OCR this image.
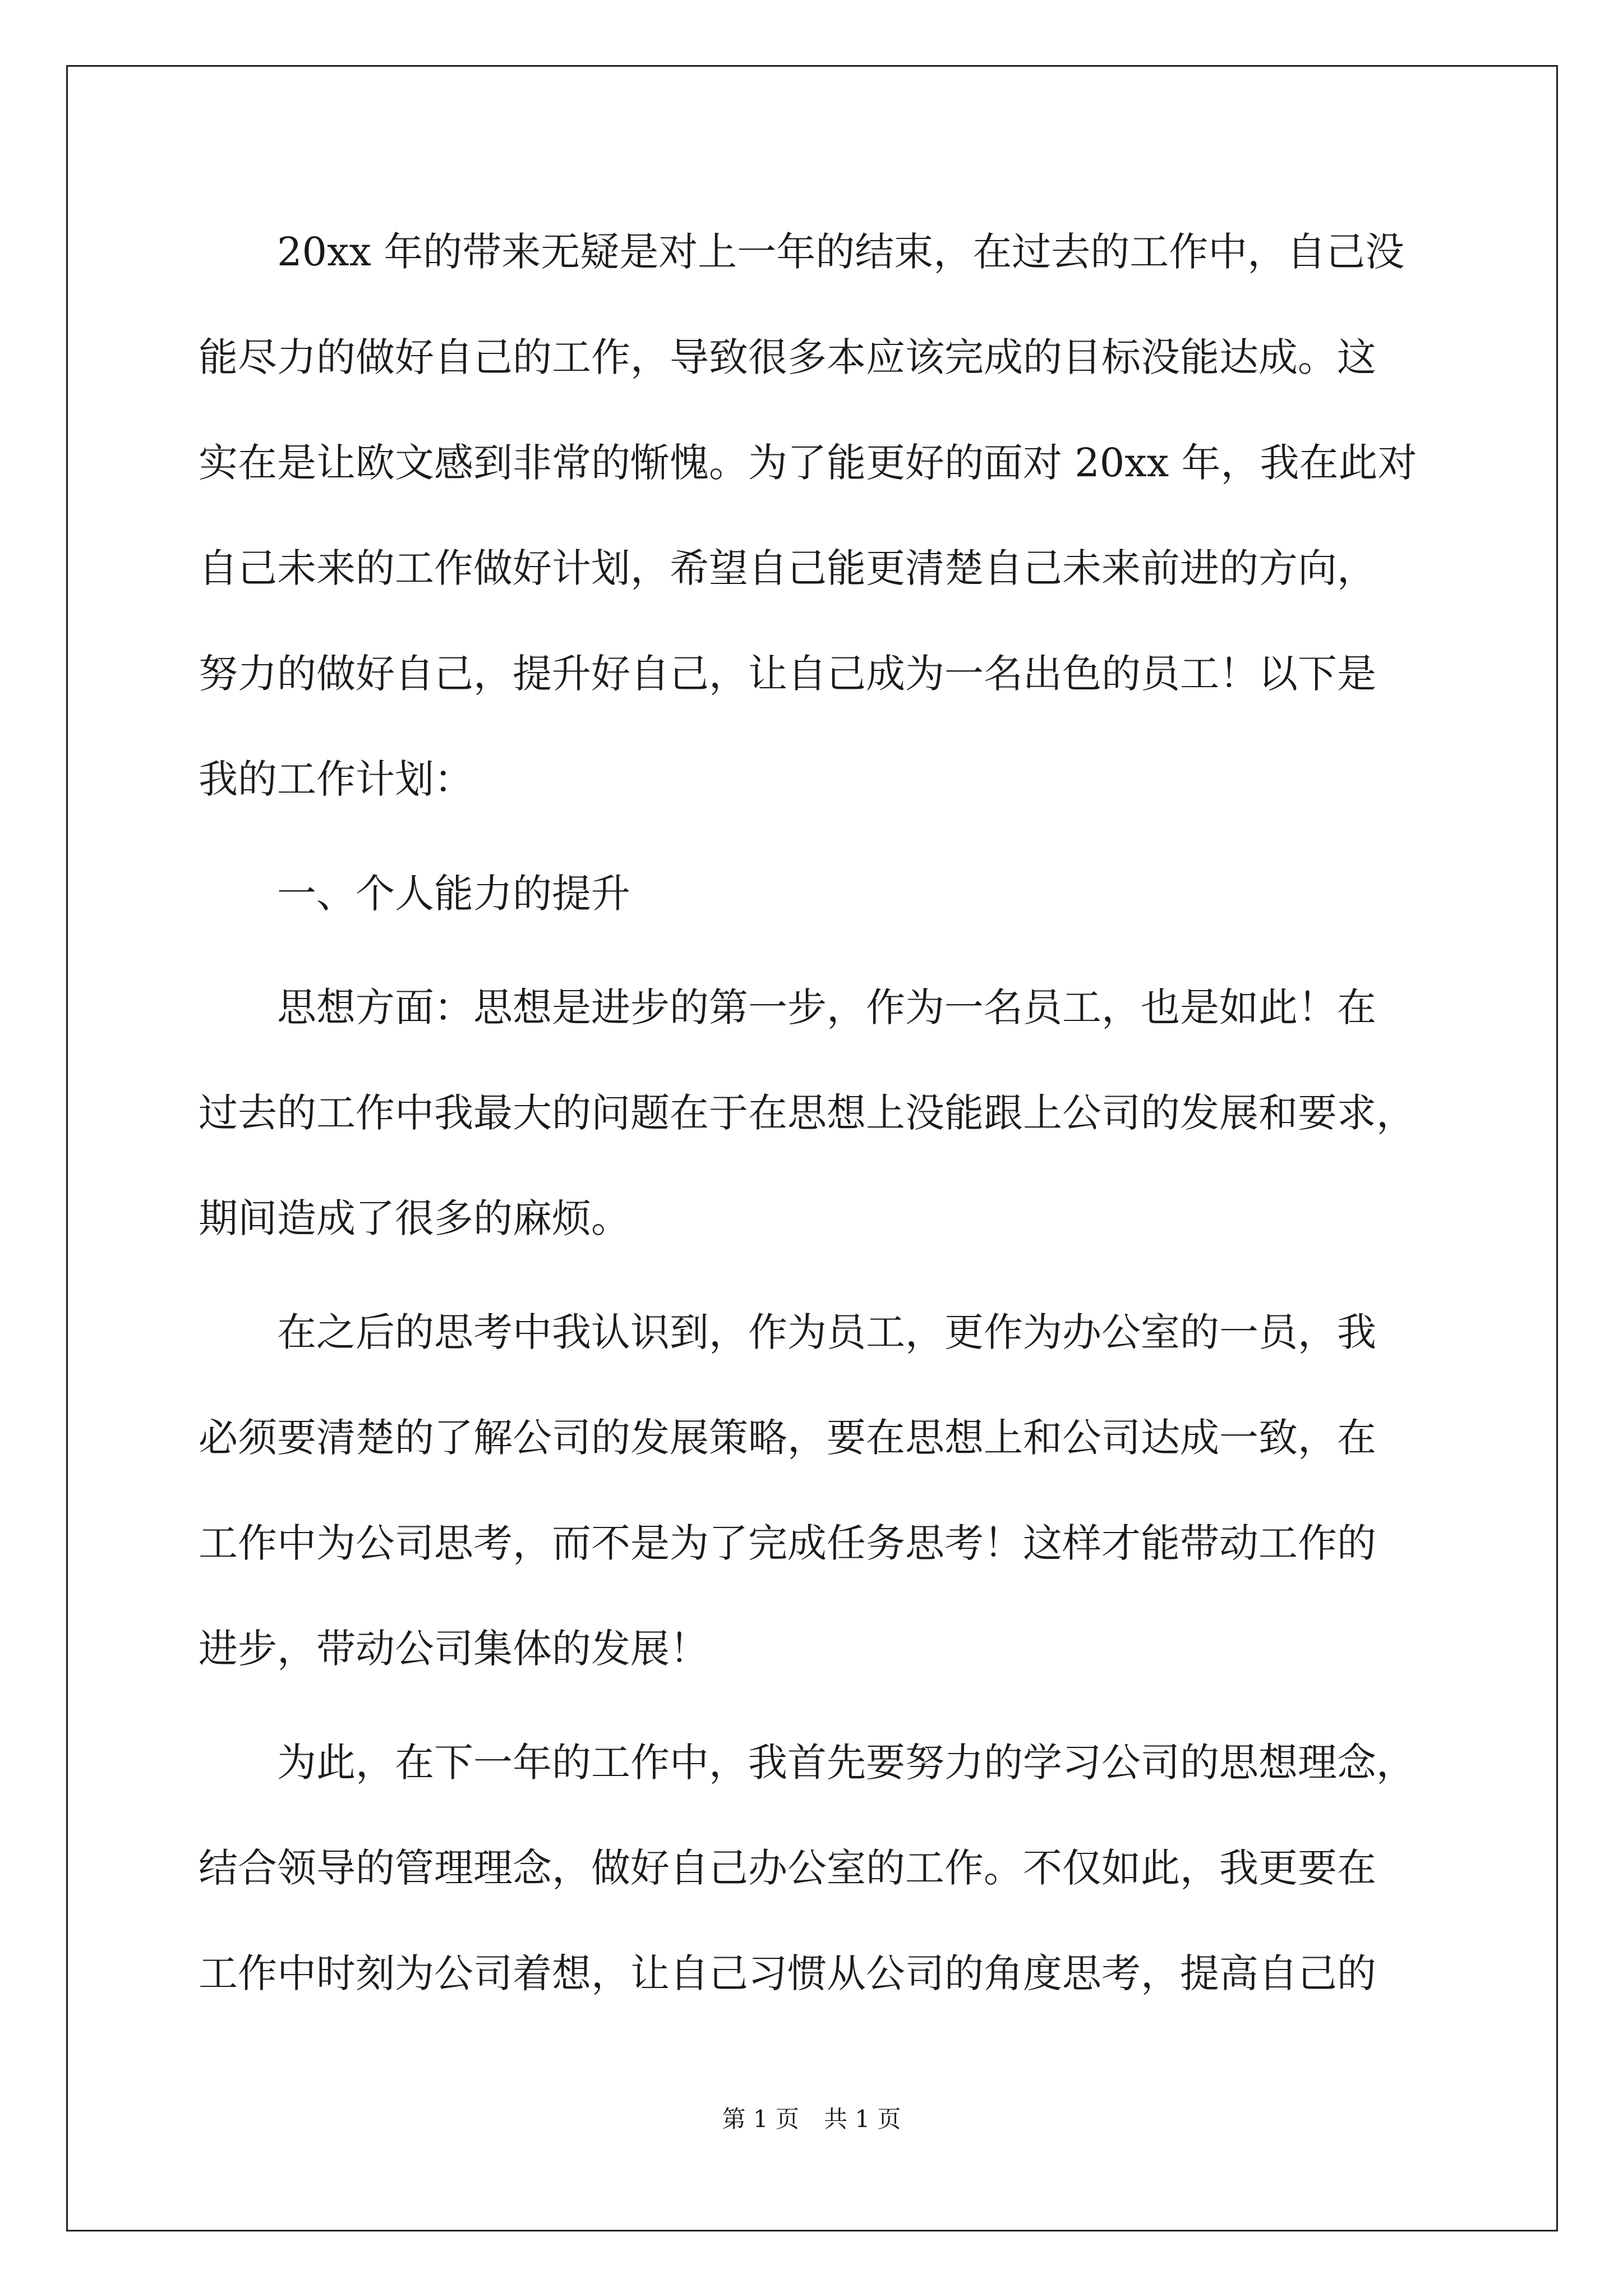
　　20xx 年的带来无疑是对上一年的结束，在过去的工作中，自己没
能尽力的做好自己的工作，导致很多本应该完成的目标没能达成。这
实在是让欧文感到非常的惭愧。为了能更好的面对 20xx 年，我在此对
自己未来的工作做好计划，希望自己能更清楚自己未来前进的方向，
努力的做好自己，提升好自己，让自己成为一名出色的员工！以下是
我的工作计划：
　　一、个人能力的提升
　　思想方面：思想是进步的第一步，作为一名员工，也是如此！在
过去的工作中我最大的问题在于在思想上没能跟上公司的发展和要求，
期间造成了很多的麻烦。
　　在之后的思考中我认识到，作为员工，更作为办公室的一员，我
必须要清楚的了解公司的发展策略，要在思想上和公司达成一致，在
工作中为公司思考，而不是为了完成任务思考！这样才能带动工作的
进步，带动公司集体的发展！
　　为此，在下一年的工作中，我首先要努力的学习公司的思想理念，
结合领导的管理理念，做好自己办公室的工作。不仅如此，我更要在
工作中时刻为公司着想，让自己习惯从公司的角度思考，提高自己的
第 1 页 共 1 页
